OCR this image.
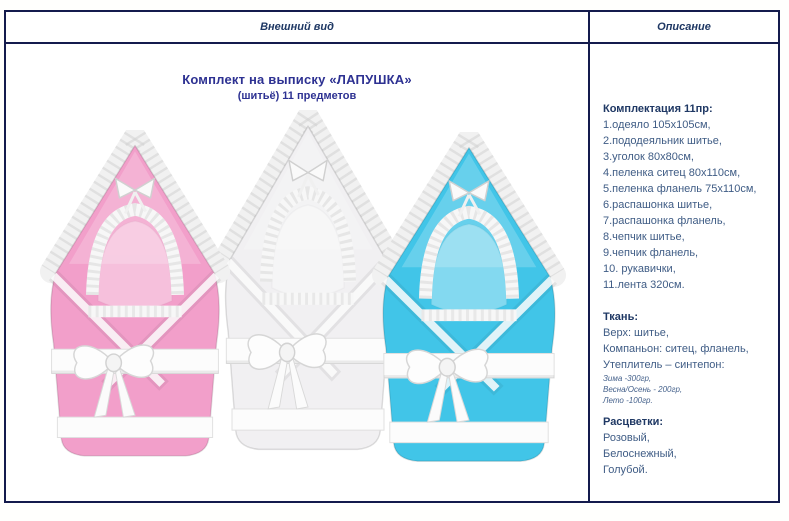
Внешний вид	Описание
Комплект на выписку «ЛАПУШКА»
(шитьё) 11 предметов

Комплектация 11пр:

1.одеяло 105х105см,

2.пододеяльник шитье,

3.уголок 80х80см,

4.пеленка ситец 80х110см,

5.пеленка фланель 75х110см,

6.распашонка шитье,

7.распашонка фланель,

8.чепчик шитье,

9.чепчик фланель,

10. рукавички,

11.лента 320см.

Ткань:

Верх: шитье,

Компаньон: ситец, фланель,

Утеплитель – синтепон:

Зима -300гр,

Весна/Осень - 200гр,

Лето -100гр.

Расцветки:

Розовый,

Белоснежный,

Голубой.
